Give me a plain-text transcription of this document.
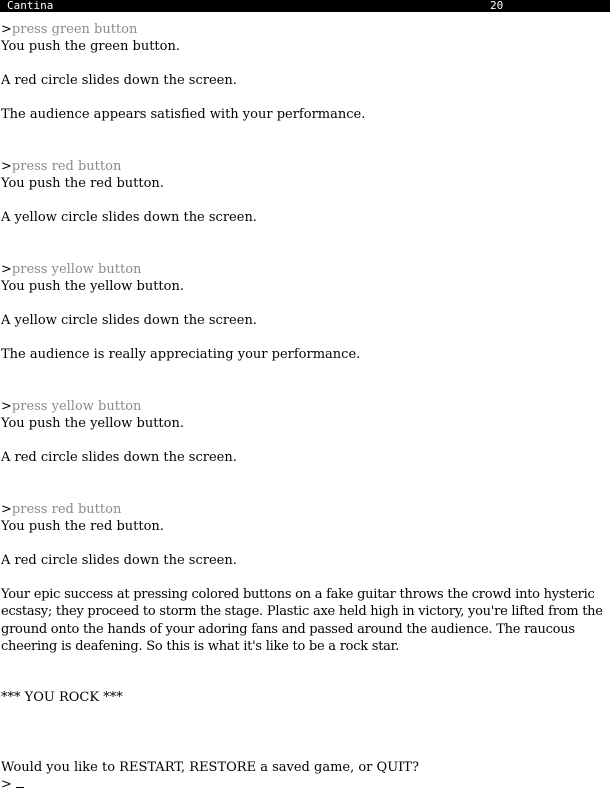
Cantina

	20

>press green button
You push the green button.
A red circle slides down the screen.
The audience appears satisfied with your performance.
>press red button
You push the red button.
A yellow circle slides down the screen.
>press yellow button
You push the yellow button.
A yellow circle slides down the screen.
The audience is really appreciating your performance.
>press yellow button
You push the yellow button.
A red circle slides down the screen.
>press red button
You push the red button.
A red circle slides down the screen.
Your epic success at pressing colored buttons on a fake guitar throws the crowd into hysteric ecstasy; they proceed to storm the stage. Plastic axe held high in victory, you're lifted from the ground onto the hands of your adoring fans and passed around the audience. The raucous cheering is deafening. So this is what it's like to be a rock star.
*** YOU ROCK ***
Would you like to RESTART, RESTORE a saved game, or QUIT?
>
